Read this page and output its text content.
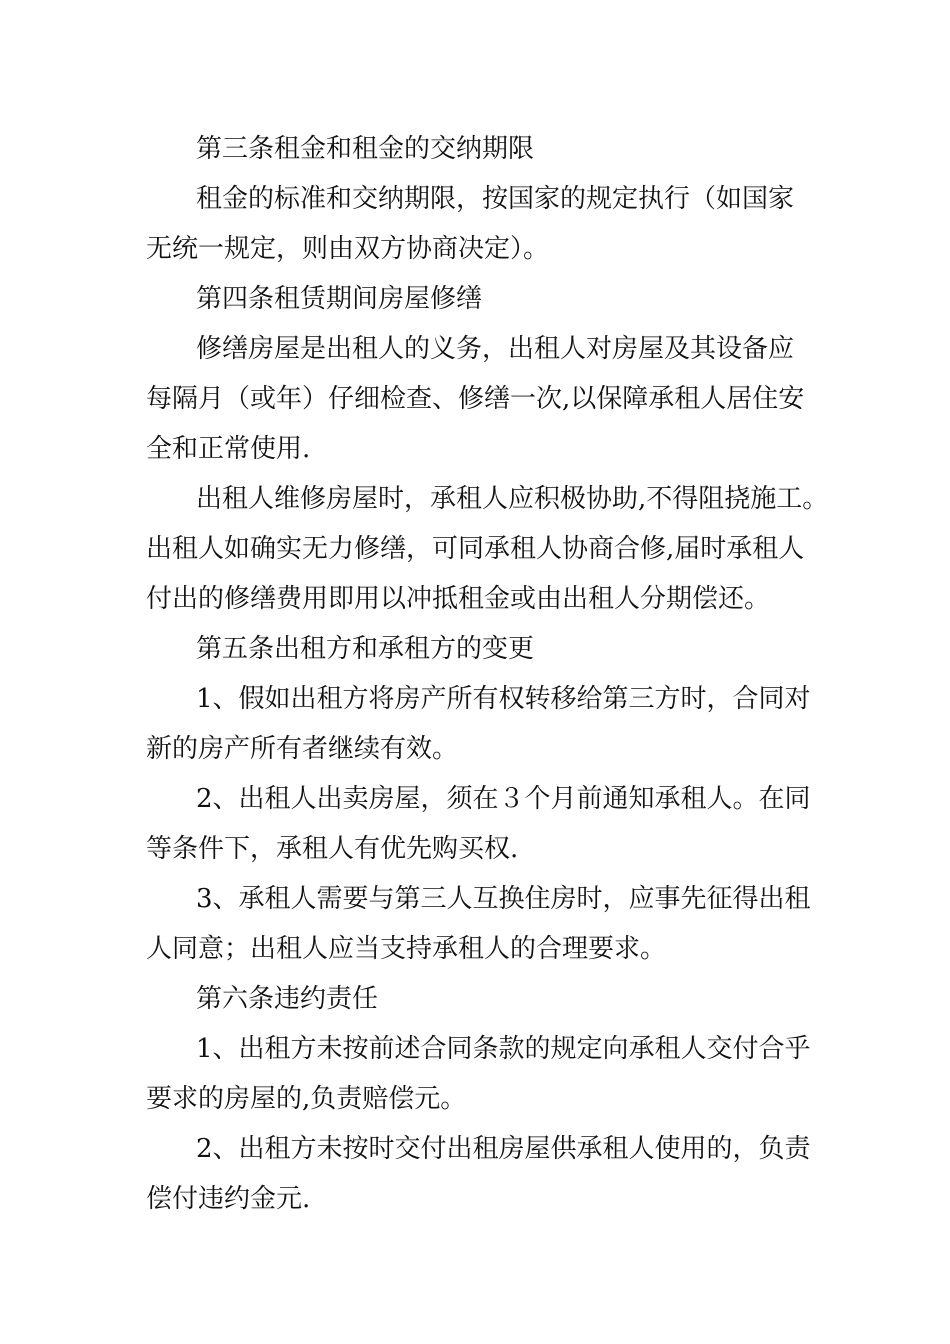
第三条租金和租金的交纳期限
租金的标准和交纳期限，按国家的规定执行（如国家
无统一规定，则由双方协商决定）。
第四条租赁期间房屋修缮
修缮房屋是出租人的义务，出租人对房屋及其设备应
每隔月（或年）仔细检查、修缮一次,以保障承租人居住安
全和正常使用.
出租人维修房屋时，承租人应积极协助,不得阻挠施工。
出租人如确实无力修缮，可同承租人协商合修,届时承租人
付出的修缮费用即用以冲抵租金或由出租人分期偿还。
第五条出租方和承租方的变更
1、假如出租方将房产所有权转移给第三方时，合同对
新的房产所有者继续有效。
2、出租人出卖房屋，须在３个月前通知承租人。在同
等条件下，承租人有优先购买权.
3、承租人需要与第三人互换住房时，应事先征得出租
人同意；出租人应当支持承租人的合理要求。
第六条违约责任
1、出租方未按前述合同条款的规定向承租人交付合乎
要求的房屋的,负责赔偿元。
2、出租方未按时交付出租房屋供承租人使用的，负责
偿付违约金元.
